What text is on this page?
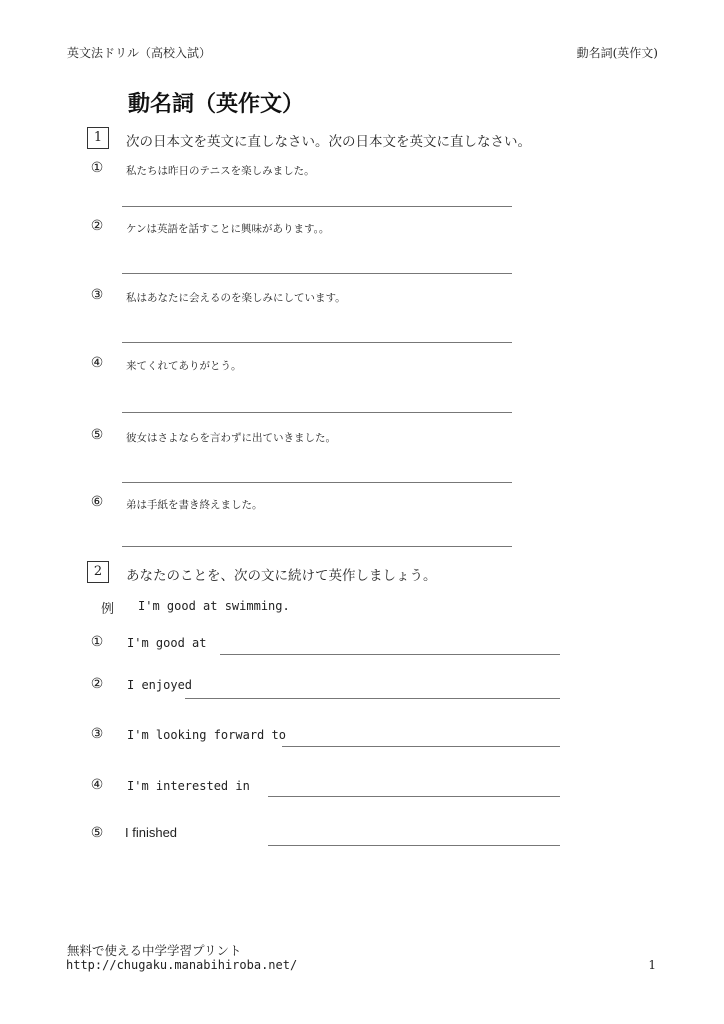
英文法ドリル（高校入試）	動名詞(英作文)
動名詞（英作文）
1	次の日本文を英文に直しなさい。次の日本文を英文に直しなさい。
①	私たちは昨日のテニスを楽しみました。
②	ケンは英語を話すことに興味があります。。
③	私はあなたに会えるのを楽しみにしています。
④	来てくれてありがとう。
⑤	彼女はさよならを言わずに出ていきました。
⑥	弟は手紙を書き終えました。
2	あなたのことを、次の文に続けて英作しましょう。
例 I'm good at swimming.
①	I'm good at
②	I enjoyed
③	I'm looking forward to
④	I'm interested in
⑤ I finished
無料で使える中学学習プリント
http://chugaku.manabihiroba.net/	1
